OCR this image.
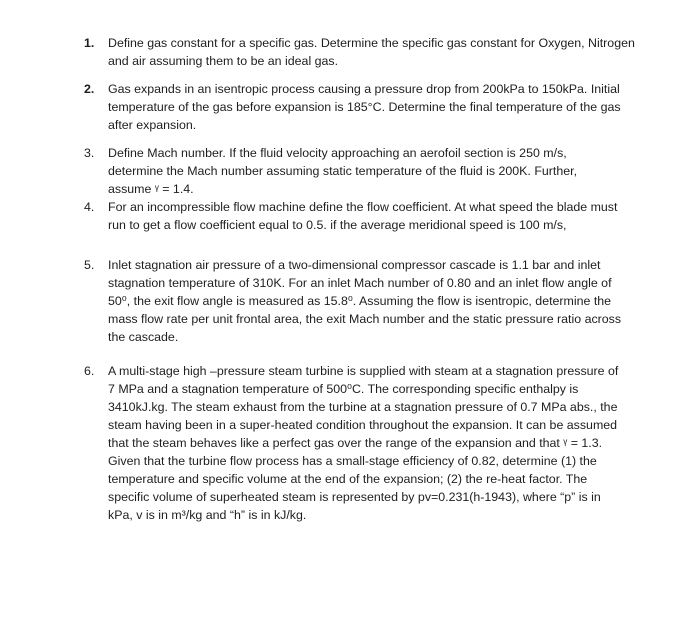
1.	Define gas constant for a specific gas. Determine the specific gas constant for Oxygen, Nitrogen
and air assuming them to be an ideal gas.
2.	Gas expands in an isentropic process causing a pressure drop from 200kPa to 150kPa. Initial
temperature of the gas before expansion is 185°C. Determine the final temperature of the gas
after expansion.
3.	Define Mach number. If the fluid velocity approaching an aerofoil section is 250 m/s,
determine the Mach number assuming static temperature of the fluid is 200K. Further,
assume ᵞ = 1.4.
4.	For an incompressible flow machine define the flow coefficient. At what speed the blade must
run to get a flow coefficient equal to 0.5. if the average meridional speed is 100 m/s,
5.	Inlet stagnation air pressure of a two-dimensional compressor cascade is 1.1 bar and inlet
stagnation temperature of 310K. For an inlet Mach number of 0.80 and an inlet flow angle of
50⁰, the exit flow angle is measured as 15.8⁰. Assuming the flow is isentropic, determine the
mass flow rate per unit frontal area, the exit Mach number and the static pressure ratio across
the cascade.
6.	A multi-stage high –pressure steam turbine is supplied with steam at a stagnation pressure of
7 MPa and a stagnation temperature of 500⁰C. The corresponding specific enthalpy is
3410kJ.kg. The steam exhaust from the turbine at a stagnation pressure of 0.7 MPa abs., the
steam having been in a super-heated condition throughout the expansion. It can be assumed
that the steam behaves like a perfect gas over the range of the expansion and that ᵞ = 1.3.
Given that the turbine flow process has a small-stage efficiency of 0.82, determine (1) the
temperature and specific volume at the end of the expansion; (2) the re-heat factor. The
specific volume of superheated steam is represented by pv=0.231(h-1943), where “p” is in
kPa, v is in m³/kg and “h” is in kJ/kg.
